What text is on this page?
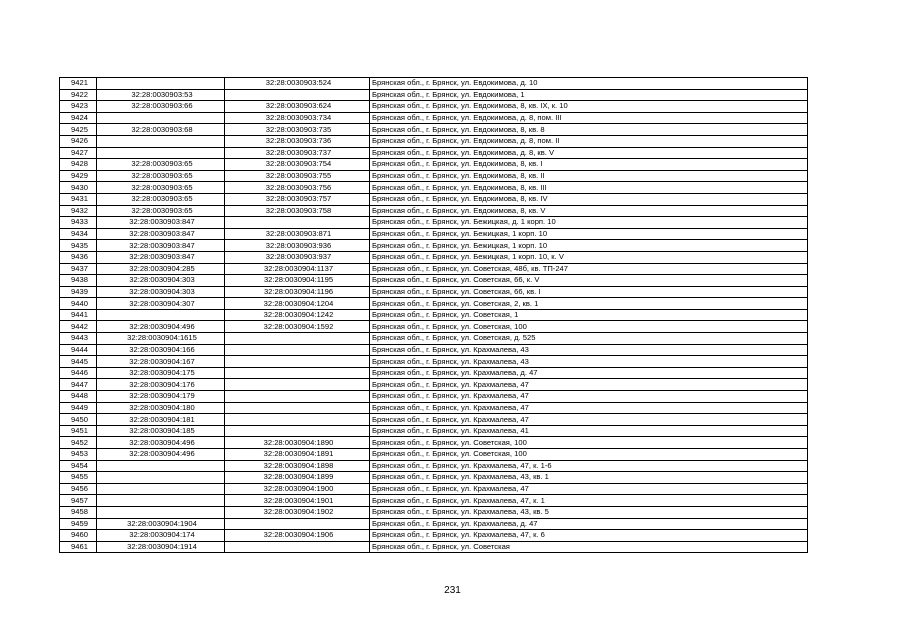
9421		32:28:0030903:524	Брянская обл., г. Брянск, ул. Евдокимова, д. 10
9422	32:28:0030903:53		Брянская обл., г. Брянск, ул. Евдокимова, 1
9423	32:28:0030903:66	32:28:0030903:624	Брянская обл., г. Брянск, ул. Евдокимова, 8, кв. IX, к. 10
9424		32:28:0030903:734	Брянская обл., г. Брянск, ул. Евдокимова, д. 8, пом. III
9425	32:28:0030903:68	32:28:0030903:735	Брянская обл., г. Брянск, ул. Евдокимова, 8, кв. 8
9426		32:28:0030903:736	Брянская обл., г. Брянск, ул. Евдокимова, д. 8, пом. II
9427		32:28:0030903:737	Брянская обл., г. Брянск, ул. Евдокимова, д. 8, кв. V
9428	32:28:0030903:65	32:28:0030903:754	Брянская обл., г. Брянск, ул. Евдокимова, 8, кв. I
9429	32:28:0030903:65	32:28:0030903:755	Брянская обл., г. Брянск, ул. Евдокимова, 8, кв. II
9430	32:28:0030903:65	32:28:0030903:756	Брянская обл., г. Брянск, ул. Евдокимова, 8, кв. III
9431	32:28:0030903:65	32:28:0030903:757	Брянская обл., г. Брянск, ул. Евдокимова, 8, кв. IV
9432	32:28:0030903:65	32:28:0030903:758	Брянская обл., г. Брянск, ул. Евдокимова, 8, кв. V
9433	32:28:0030903:847		Брянская обл., г. Брянск, ул. Бежицкая, д. 1 корп. 10
9434	32:28:0030903:847	32:28:0030903:871	Брянская обл., г. Брянск, ул. Бежицкая, 1 корп. 10
9435	32:28:0030903:847	32:28:0030903:936	Брянская обл., г. Брянск, ул. Бежицкая, 1 корп. 10
9436	32:28:0030903:847	32:28:0030903:937	Брянская обл., г. Брянск, ул. Бежицкая, 1 корп. 10, к. V
9437	32:28:0030904:285	32:28:0030904:1137	Брянская обл., г. Брянск, ул. Советская, 48б, кв. ТП-247
9438	32:28:0030904:303	32:28:0030904:1195	Брянская обл., г. Брянск, ул. Советская, 66, к. V
9439	32:28:0030904:303	32:28:0030904:1196	Брянская обл., г. Брянск, ул. Советская, 66, кв. I
9440	32:28:0030904:307	32:28:0030904:1204	Брянская обл., г. Брянск, ул. Советская, 2, кв. 1
9441		32:28:0030904:1242	Брянская обл., г. Брянск, ул. Советская, 1
9442	32:28:0030904:496	32:28:0030904:1592	Брянская обл., г. Брянск, ул. Советская, 100
9443	32:28:0030904:1615		Брянская обл., г. Брянск, ул. Советская, д. 525
9444	32:28:0030904:166		Брянская обл., г. Брянск, ул. Крахмалева, 43
9445	32:28:0030904:167		Брянская обл., г. Брянск, ул. Крахмалева, 43
9446	32:28:0030904:175		Брянская обл., г. Брянск, ул. Крахмалева, д. 47
9447	32:28:0030904:176		Брянская обл., г. Брянск, ул. Крахмалева, 47
9448	32:28:0030904:179		Брянская обл., г. Брянск, ул. Крахмалева, 47
9449	32:28:0030904:180		Брянская обл., г. Брянск, ул. Крахмалева, 47
9450	32:28:0030904:181		Брянская обл., г. Брянск, ул. Крахмалева, 47
9451	32:28:0030904:185		Брянская обл., г. Брянск, ул. Крахмалева, 41
9452	32:28:0030904:496	32:28:0030904:1890	Брянская обл., г. Брянск, ул. Советская, 100
9453	32:28:0030904:496	32:28:0030904:1891	Брянская обл., г. Брянск, ул. Советская, 100
9454		32:28:0030904:1898	Брянская обл., г. Брянск, ул. Крахмалева, 47, к. 1-6
9455		32:28:0030904:1899	Брянская обл., г. Брянск, ул. Крахмалева, 43, кв. 1
9456		32:28:0030904:1900	Брянская обл., г. Брянск, ул. Крахмалева, 47
9457		32:28:0030904:1901	Брянская обл., г. Брянск, ул. Крахмалева, 47, к. 1
9458		32:28:0030904:1902	Брянская обл., г. Брянск, ул. Крахмалева, 43, кв. 5
9459	32:28:0030904:1904		Брянская обл., г. Брянск, ул. Крахмалева, д. 47
9460	32:28:0030904:174	32:28:0030904:1906	Брянская обл., г. Брянск, ул. Крахмалева, 47, к. 6
9461	32:28:0030904:1914		Брянская обл., г. Брянск, ул. Советская
231
